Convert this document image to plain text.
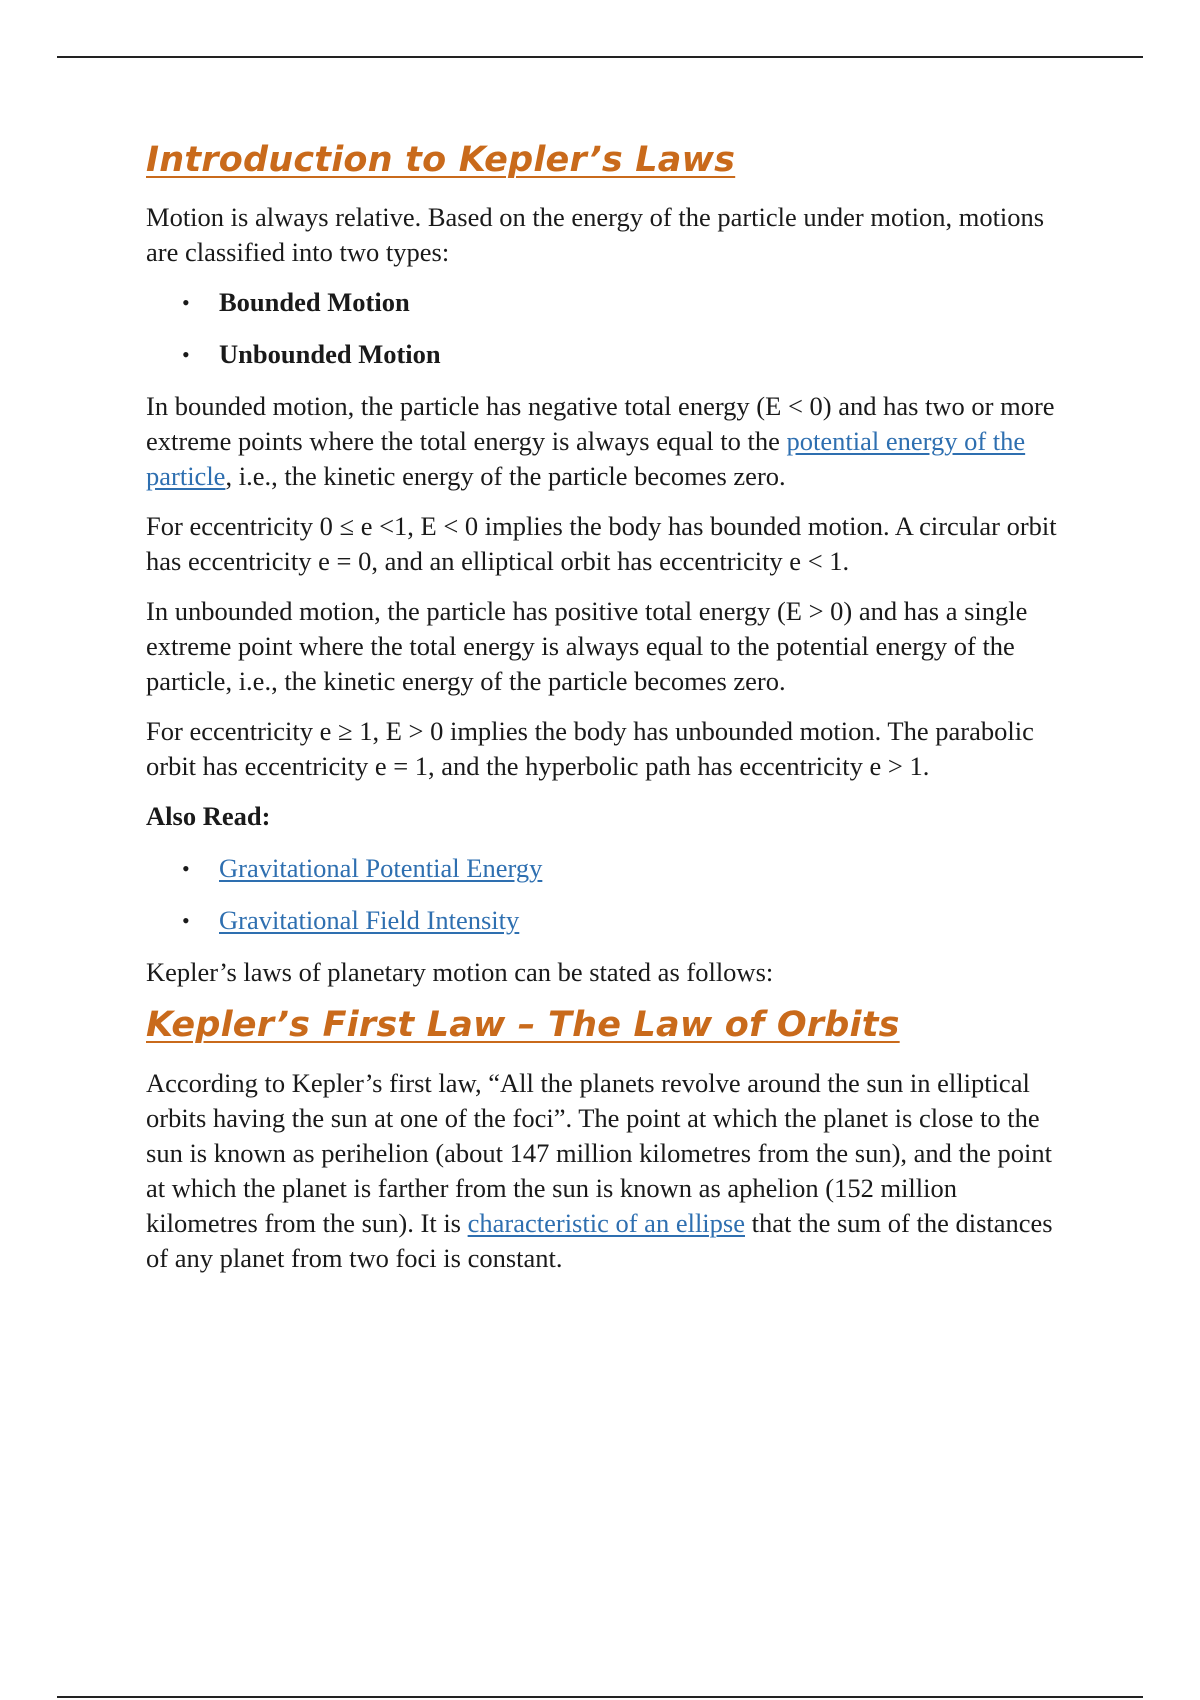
Introduction to Kepler’s Laws

Motion is always relative. Based on the energy of the particle under motion, motions are classified into two types:

• Bounded Motion
• Unbounded Motion

In bounded motion, the particle has negative total energy (E < 0) and has two or more extreme points where the total energy is always equal to the potential energy of the particle, i.e., the kinetic energy of the particle becomes zero.

For eccentricity 0 ≤ e <1, E < 0 implies the body has bounded motion. A circular orbit has eccentricity e = 0, and an elliptical orbit has eccentricity e < 1.

In unbounded motion, the particle has positive total energy (E > 0) and has a single extreme point where the total energy is always equal to the potential energy of the particle, i.e., the kinetic energy of the particle becomes zero.

For eccentricity e ≥ 1, E > 0 implies the body has unbounded motion. The parabolic orbit has eccentricity e = 1, and the hyperbolic path has eccentricity e > 1.

Also Read:
• Gravitational Potential Energy
• Gravitational Field Intensity

Kepler’s laws of planetary motion can be stated as follows:

Kepler’s First Law – The Law of Orbits

According to Kepler’s first law, “All the planets revolve around the sun in elliptical orbits having the sun at one of the foci”. The point at which the planet is close to the sun is known as perihelion (about 147 million kilometres from the sun), and the point at which the planet is farther from the sun is known as aphelion (152 million kilometres from the sun). It is characteristic of an ellipse that the sum of the distances of any planet from two foci is constant.
